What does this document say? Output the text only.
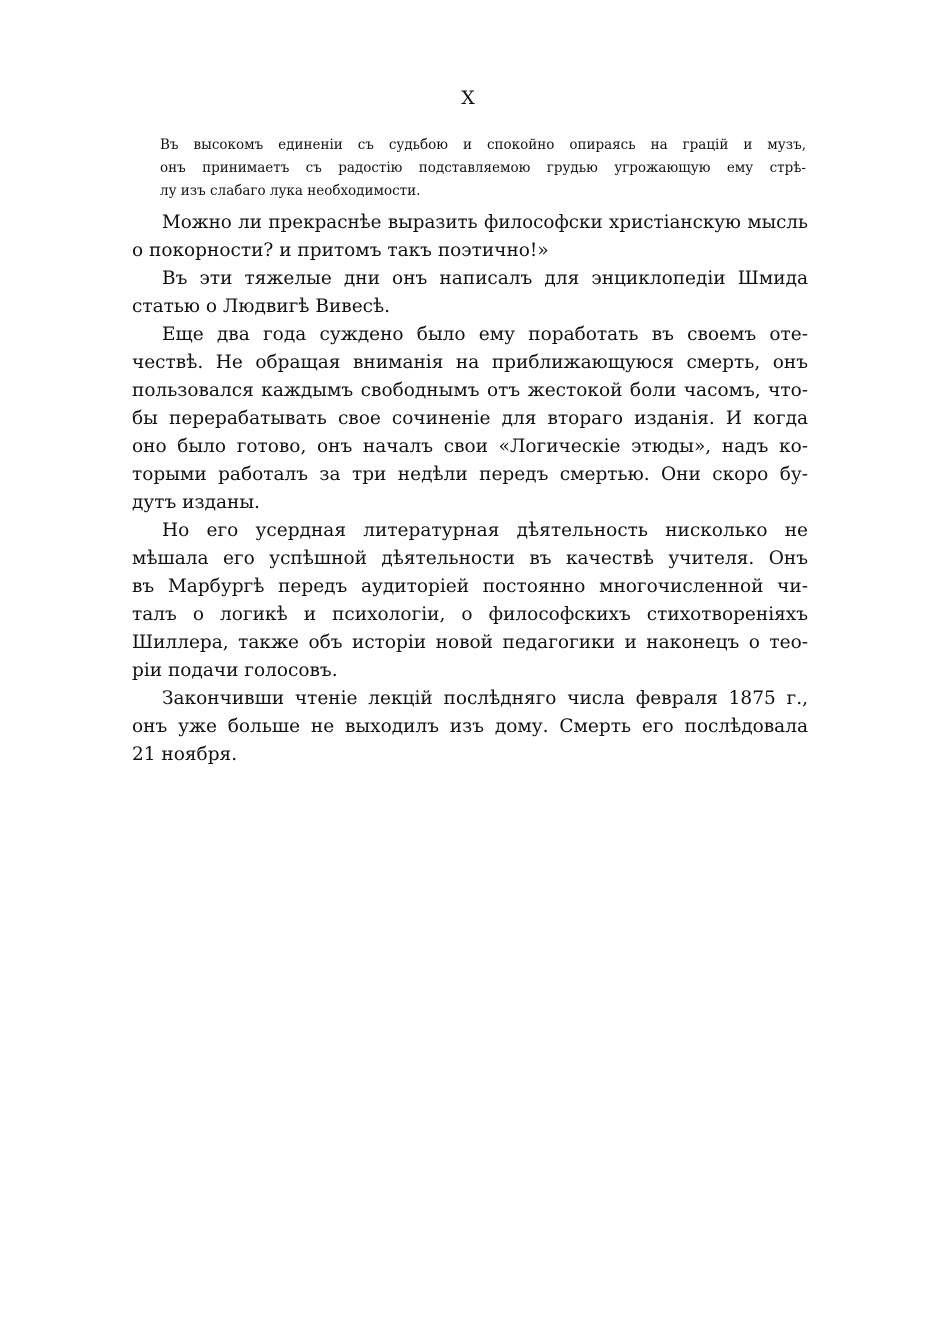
X
Въ высокомъ единеніи съ судьбою и спокойно опираясь на грацій и музъ,
онъ принимаетъ съ радостію подставляемою грудью угрожающую ему стрѣ-
лу изъ слабаго лука необходимости.
Можно ли прекраснѣе выразить философски христіанскую мысль
о покорности? и притомъ такъ поэтично!»
Въ эти тяжелые дни онъ написалъ для энциклопедіи Шмида
статью о Людвигѣ Вивесѣ.
Еще два года суждено было ему поработать въ своемъ оте-
чествѣ. Не обращая вниманія на приближающуюся смерть, онъ
пользовался каждымъ свободнымъ отъ жестокой боли часомъ, что-
бы перерабатывать свое сочиненіе для втораго изданія. И когда
оно было готово, онъ началъ свои «Логическіе этюды», надъ ко-
торыми работалъ за три недѣли передъ смертью. Они скоро бу-
дутъ изданы.
Но его усердная литературная дѣятельность нисколько не
мѣшала его успѣшной дѣятельности въ качествѣ учителя. Онъ
въ Марбургѣ передъ аудиторіей постоянно многочисленной чи-
талъ о логикѣ и психологіи, о философскихъ стихотвореніяхъ
Шиллера, также объ исторіи новой педагогики и наконецъ о тео-
ріи подачи голосовъ.
Закончивши чтеніе лекцій послѣдняго числа февраля 1875 г.,
онъ уже больше не выходилъ изъ дому. Смерть его послѣдовала
21 ноября.
